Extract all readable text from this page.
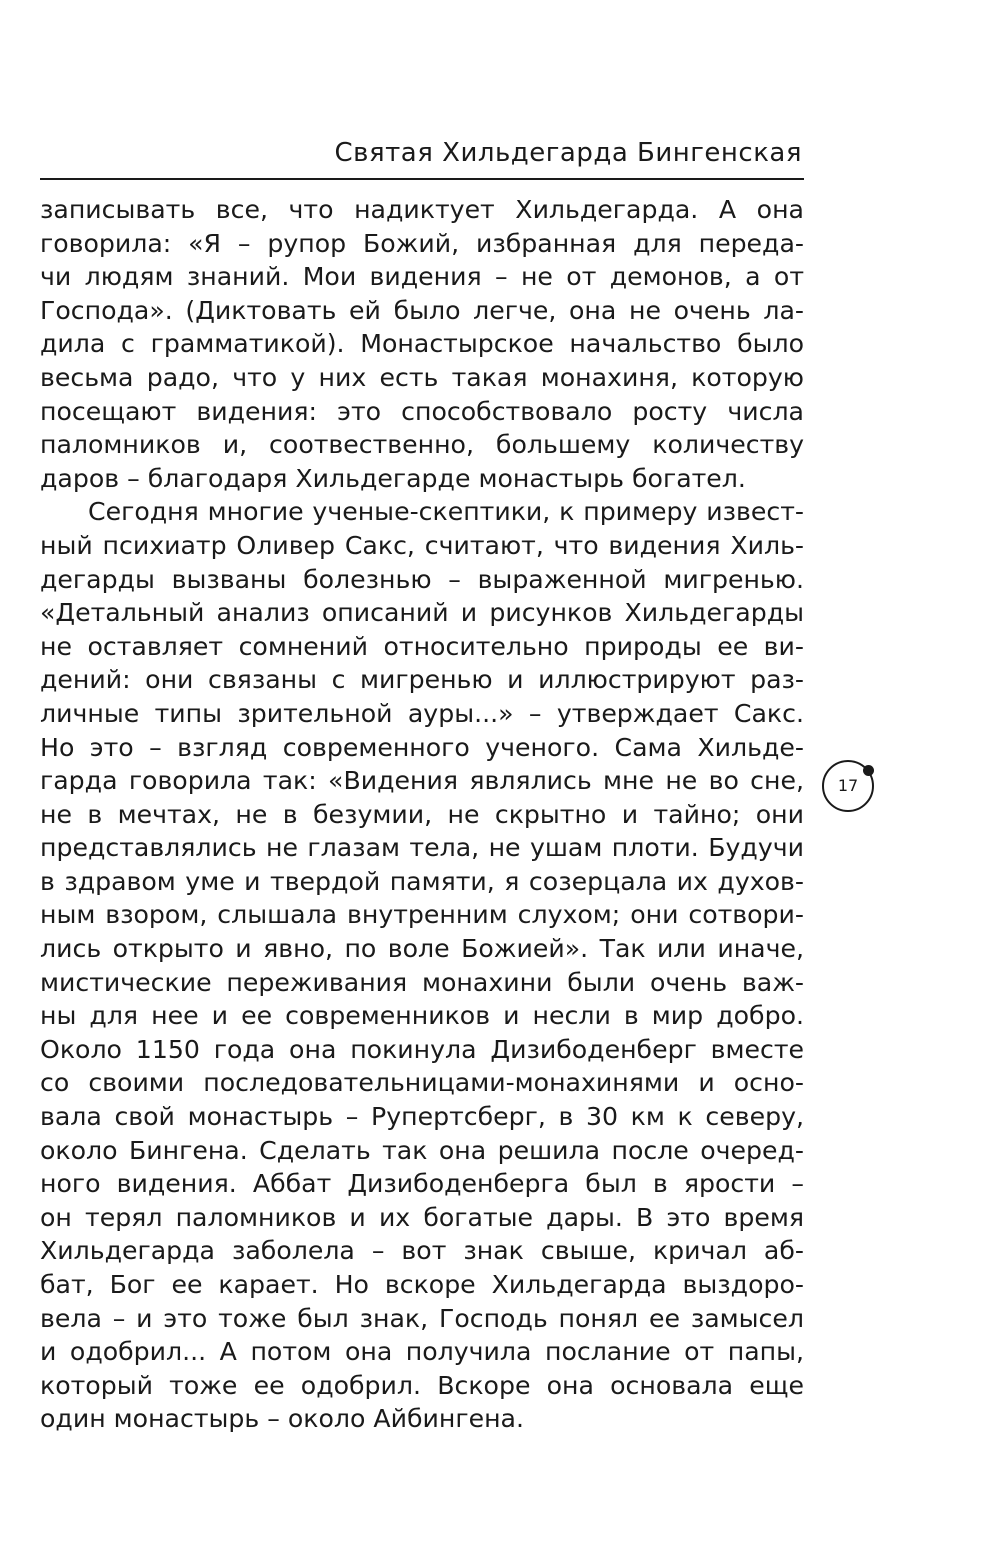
Святая Хильдегарда Бингенская
записывать все, что надиктует Хильдегарда. А она
говорила: «Я – рупор Божий, избранная для переда-
чи людям знаний. Мои видения – не от демонов, а от
Господа». (Диктовать ей было легче, она не очень ла-
дила с грамматикой). Монастырское начальство было
весьма радо, что у них есть такая монахиня, которую
посещают видения: это способствовало росту числа
паломников и, соотвественно, большему количеству
даров – благодаря Хильдегарде монастырь богател.
Сегодня многие ученые-скептики, к примеру извест-
ный психиатр Оливер Сакс, считают, что видения Хиль-
дегарды вызваны болезнью – выраженной мигренью.
«Детальный анализ описаний и рисунков Хильдегарды
не оставляет сомнений относительно природы ее ви-
дений: они связаны с мигренью и иллюстрируют раз-
личные типы зрительной ауры...» – утверждает Сакс.
Но это – взгляд современного ученого. Сама Хильде-
гарда говорила так: «Видения являлись мне не во сне,
не в мечтах, не в безумии, не скрытно и тайно; они
представлялись не глазам тела, не ушам плоти. Будучи
в здравом уме и твердой памяти, я созерцала их духов-
ным взором, слышала внутренним слухом; они сотвори-
лись открыто и явно, по воле Божией». Так или иначе,
мистические переживания монахини были очень важ-
ны для нее и ее современников и несли в мир добро.
Около 1150 года она покинула Дизибоденберг вместе
со своими последовательницами-монахинями и осно-
вала свой монастырь – Рупертсберг, в 30 км к северу,
около Бингена. Сделать так она решила после очеред-
ного видения. Аббат Дизибоденберга был в ярости –
он терял паломников и их богатые дары. В это время
Хильдегарда заболела – вот знак свыше, кричал аб-
бат, Бог ее карает. Но вскоре Хильдегарда выздоро-
вела – и это тоже был знак, Господь понял ее замысел
и одобрил... А потом она получила послание от папы,
который тоже ее одобрил. Вскоре она основала еще
один монастырь – около Айбингена.
17
